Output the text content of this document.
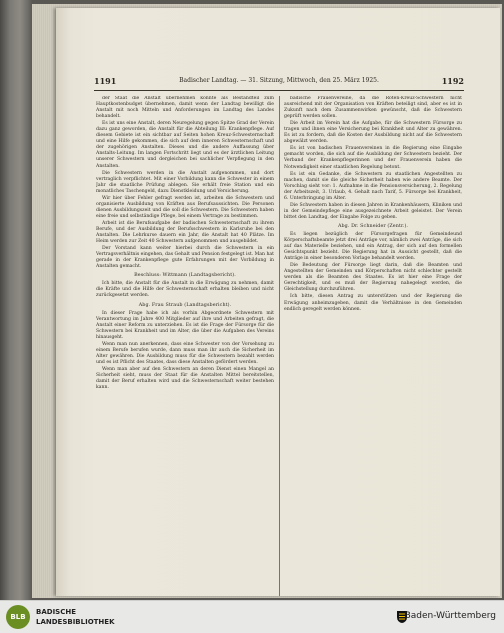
1191	Badischer Landtag. — 31. Sitzung, Mittwoch, den 25. März 1925.	1192

der Staat die Anstalt übernehmen könnte als Bestandteil zum Hauptkostenbudget übernehmen, damit wenn der Landtag bewilligt die Anstalt mit noch Mitteln und Anforderungen im Landtag des Landes behandelt.

Es ist uns eine Anstalt, deren Neuregelung gegen Spitze Grad der Verein dazu ganz geworden, die Anstalt für die Abteilung III: Krankenpflege. Auf diesem Gebiete ist ein sichtbar auf Seiten hohen Kreuz-Schwesternschaft und eine Hilfe gekommen, die sich auf dem inneren Schwesternschaft und der zugehörigen Anstalten. Dieses und die andere Auffassung über Anstalts-Leitung. Im langen Fortschritt liegt und es der ärztlichen Leitung unserer Schwestern und dergleichen bei sachlicher Verpflegung in den Anstalten.

Die Schwestern werden in die Anstalt aufgenommen, und dort vertraglich verpflichtet. Mit einer Vorbildung kann die Schwester in einem Jahr die staatliche Prüfung ablegen. Sie erhält freie Station und ein monatliches Taschengeld, dazu Dienstkleidung und Versicherung.

Wir hier über Fehler gefragt werden ist, arbeiten die Schwestern und organisierte Ausbildung von Kräften aus Berufsaussichten. Die Personen dienen Ausbildungszeit und die soll die Schwestern. Die Schwestern haben eine freie und selbständige Pflege, bei einem Vertrage zu bestimmen.

Arbeit ist die Berufsaufgabe der badischen Schwesternschaft zu ihrem Berufe, und der Ausbildung der Berufsschwestern in Karlsruhe bei den Anstalten. Die Lehrkurse dauern ein Jahr, die Anstalt hat 40 Plätze. Im Heim werden zur Zeit 40 Schwestern aufgenommen und ausgebildet.

Der Vorstand kann weiter hierbei durch die Schwestern in ein Vertragsverhältnis eingehen, das Gehalt und Pension festgelegt ist. Man hat gerade in der Krankenpflege gute Erfahrungen mit der Vorbildung in Anstalten gemacht.

Beschluss: Wittmann (Landtagsbericht).

Ich bitte, die Anstalt für die Anstalt in die Erwägung zu nehmen, damit die Kräfte und die Hilfe der Schwesternschaft erhalten bleiben und nicht zurückgesetzt werden.

Abg. Frau Straub (Landtagsbericht).

In dieser Frage habe ich als vorhin Abgeordnete Schwestern mit Verantwortung im Jahre 400 Mitglieder auf ihre und Arbeiten gefragt, die Anstalt einer Reform zu unterziehen. Es ist die Frage der Fürsorge für die Schwestern bei Krankheit und im Alter, die über die Aufgaben des Vereins hinausgeht.

Wenn man nun anerkennen, dass eine Schwester von der Vorsehung zu einem Berufe berufen wurde, dann muss man ihr auch die Sicherheit im Alter gewähren. Die Ausbildung muss für die Schwestern bezahlt werden und es ist Pflicht des Staates, dass diese Anstalten gefördert werden.

Wenn man aber auf den Schwestern an deren Dienst einen Mangel an Sicherheit sieht, muss der Staat für die Anstalten Mittel bereitstellen, damit der Beruf erhalten wird und die Schwesternschaft weiter bestehen kann.

badische Frauenvereine, da die Roten-Kreuz-Schwestern nicht ausreichend mit der Organisation von Kräften beteiligt sind, aber es ist in Zukunft nach dem Zusammenwirken gewünscht, daß die Schwestern geprüft werden sollen.

Die Arbeit im Verein hat die Aufgabe, für die Schwestern Fürsorge zu tragen und ihnen eine Versicherung bei Krankheit und Alter zu gewähren. Es ist zu fordern, daß die Kosten der Ausbildung nicht auf die Schwestern abgewälzt werden.

Es ist von badischen Frauenvereinen in die Regierung eine Eingabe gemacht worden, die sich auf die Ausbildung der Schwestern bezieht. Der Verband der Krankenpflegerinnen und der Frauenverein haben die Notwendigkeit einer staatlichen Regelung betont.

Es ist ein Gedanke, die Schwestern zu staatlichen Angestellten zu machen, damit sie die gleiche Sicherheit haben wie andere Beamte. Der Vorschlag sieht vor: 1. Aufnahme in die Pensionsversicherung, 2. Regelung der Arbeitszeit, 3. Urlaub, 4. Gehalt nach Tarif, 5. Fürsorge bei Krankheit, 6. Unterbringung im Alter.

Die Schwestern haben in diesen Jahren in Krankenhäusern, Kliniken und in der Gemeindepflege eine ausgezeichnete Arbeit geleistet. Der Verein bittet den Landtag, der Eingabe Folge zu geben.

Abg. Dr. Schneider (Zentr.).

Es liegen bezüglich der Fürsorgefragen für Gemeindeund Körperschaftsbeamte jetzt drei Anträge vor, nämlich zwei Anträge, die sich auf das Materielle beziehen, und ein Antrag, der sich auf den formellen Gesichtspunkt bezieht. Die Regierung hat in Aussicht gestellt, daß die Anträge in einer besonderen Vorlage behandelt werden.

Die Bedeutung der Fürsorge liegt darin, daß die Beamten und Angestellten der Gemeinden und Körperschaften nicht schlechter gestellt werden als die Beamten des Staates. Es ist hier eine Frage der Gerechtigkeit, und es muß der Regierung nahegelegt werden, die Gleichstellung durchzuführen.

Ich bitte, diesen Antrag zu unterstützen und der Regierung die Erwägung anheimzugeben, damit die Verhältnisse in den Gemeinden endlich geregelt werden können.

BLB
BADISCHE
LANDESBIBLIOTHEK
Baden-Württemberg
